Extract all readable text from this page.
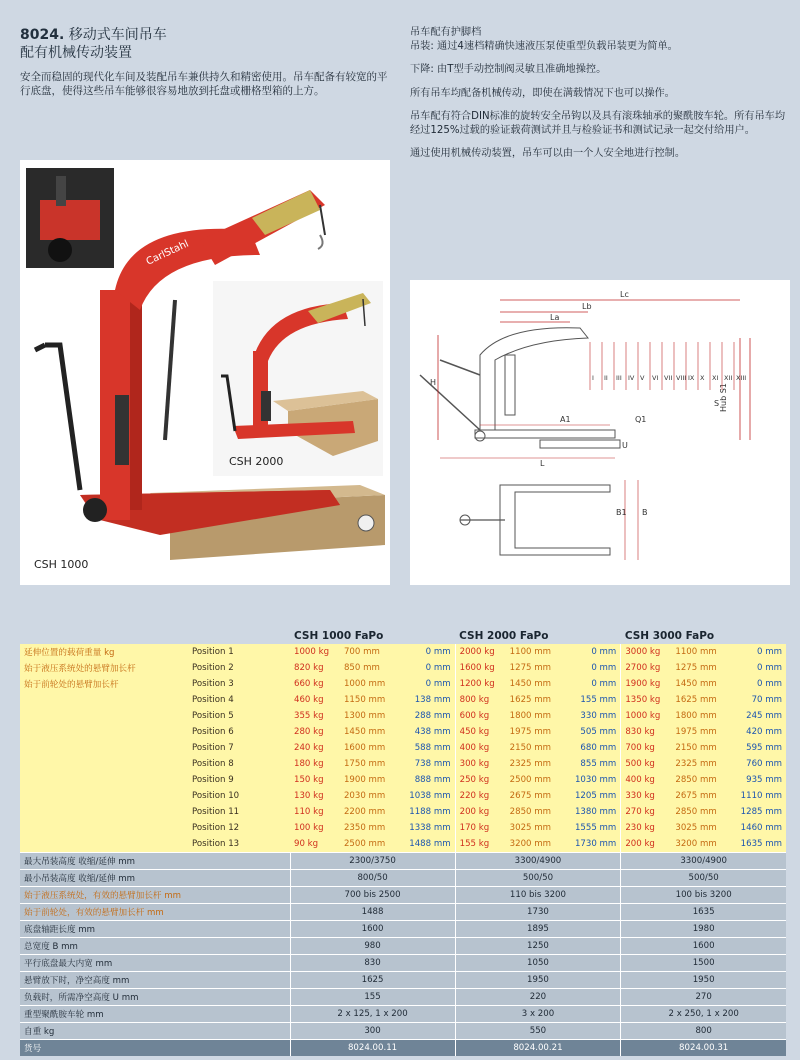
8024. 移动式车间吊车
配有机械传动装置
安全而稳固的现代化车间及装配吊车兼供持久和精密使用。吊车配备有较宽的平行底盘，使得这些吊车能够很容易地放到托盘或栅格型箱的上方。

吊车配有护脚档
吊装: 通过4速档精确快速液压泵使重型负载吊装更为简单。

下降: 由T型手动控制阀灵敏且准确地操控。

所有吊车均配备机械传动，即使在满载情况下也可以操作。

吊车配有符合DIN标准的旋转安全吊钩以及具有滚珠轴承的聚酰胺车轮。所有吊车均经过125%过载的验证载荷测试并且与检验证书和测试记录一起交付给用户。

通过使用机械传动装置，吊车可以由一个人安全地进行控制。

CarlStahl
CSH 1000
CSH 2000
Lc
Lb
La
H
Hub S1
S
I II III IV V VI VII VIII IX X XI XII XIII
A1	Q1
L
U
B1 B
		CSH 1000 FaPo			CSH 2000 FaPo			CSH 3000 FaPo		
延伸位置的载荷重量 kg	Position 1	1000 kg	700 mm	0 mm	2000 kg	1100 mm	0 mm	3000 kg	1100 mm	0 mm
始于液压系统处的悬臂加长杆	Position 2	820 kg	850 mm	0 mm	1600 kg	1275 mm	0 mm	2700 kg	1275 mm	0 mm
始于前轮处的悬臂加长杆	Position 3	660 kg	1000 mm	0 mm	1200 kg	1450 mm	0 mm	1900 kg	1450 mm	0 mm
	Position 4	460 kg	1150 mm	138 mm	800 kg	1625 mm	155 mm	1350 kg	1625 mm	70 mm
	Position 5	355 kg	1300 mm	288 mm	600 kg	1800 mm	330 mm	1000 kg	1800 mm	245 mm
	Position 6	280 kg	1450 mm	438 mm	450 kg	1975 mm	505 mm	830 kg	1975 mm	420 mm
	Position 7	240 kg	1600 mm	588 mm	400 kg	2150 mm	680 mm	700 kg	2150 mm	595 mm
	Position 8	180 kg	1750 mm	738 mm	300 kg	2325 mm	855 mm	500 kg	2325 mm	760 mm
	Position 9	150 kg	1900 mm	888 mm	250 kg	2500 mm	1030 mm	400 kg	2850 mm	935 mm
	Position 10	130 kg	2030 mm	1038 mm	220 kg	2675 mm	1205 mm	330 kg	2675 mm	1110 mm
	Position 11	110 kg	2200 mm	1188 mm	200 kg	2850 mm	1380 mm	270 kg	2850 mm	1285 mm
	Position 12	100 kg	2350 mm	1338 mm	170 kg	3025 mm	1555 mm	230 kg	3025 mm	1460 mm
	Position 13	90 kg	2500 mm	1488 mm	155 kg	3200 mm	1730 mm	200 kg	3200 mm	1635 mm
最大吊装高度 收缩/延伸 mm		2300/3750			3300/4900			3300/4900		
最小吊装高度 收缩/延伸 mm		800/50			500/50			500/50		
始于液压系统处，有效的悬臂加长杆 mm		700 bis 2500			110 bis 3200			100 bis 3200		
始于前轮处，有效的悬臂加长杆 mm		1488			1730			1635		
底盘轴距长度 mm		1600			1895			1980		
总宽度 B mm		980			1250			1600		
平行底盘最大内宽 mm		830			1050			1500		
悬臂放下时，净空高度 mm		1625			1950			1950		
负载时，所需净空高度 U mm		155			220			270		
重型聚酰胺车轮 mm		2 x 125, 1 x 200			3 x 200			2 x 250, 1 x 200		
自重 kg		300			550			800		
货号		8024.00.11			8024.00.21			8024.00.31		
